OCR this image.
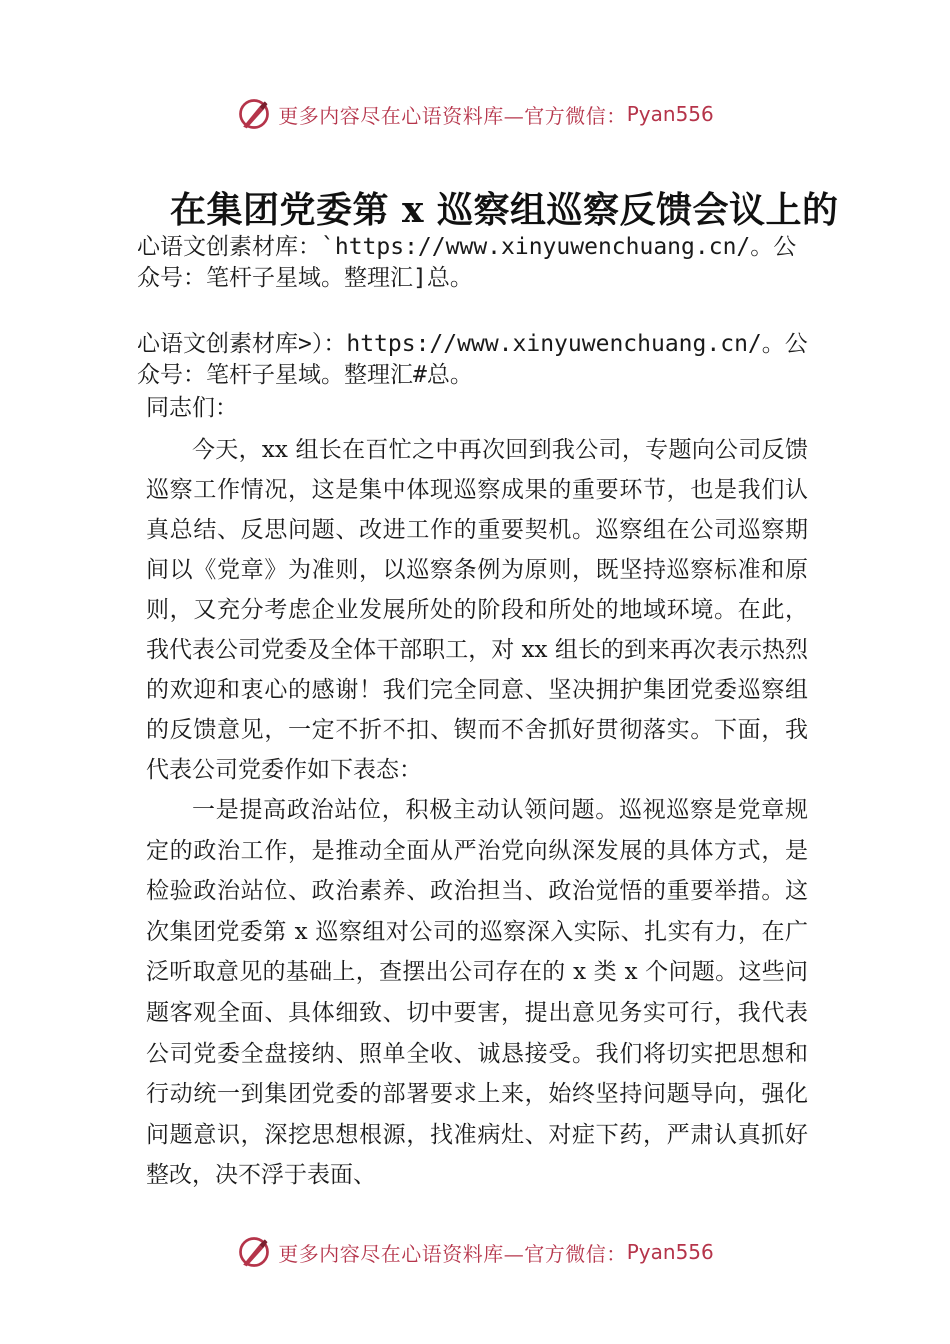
更多内容尽在心语资料库—官方微信： Pyan556
在集团党委第 x 巡察组巡察反馈会议上的
心语文创素材库：`https://www.xinyuwenchuang.cn/。公众号：笔杆子星域。整理汇]总。
心语文创素材库>）：https://www.xinyuwenchuang.cn/。公众号：笔杆子星域。整理汇#总。
同志们：
今天，xx 组长在百忙之中再次回到我公司，专题向公司反馈巡察工作情况，这是集中体现巡察成果的重要环节，也是我们认真总结、反思问题、改进工作的重要契机。巡察组在公司巡察期间以《党章》为准则，以巡察条例为原则，既坚持巡察标准和原则，又充分考虑企业发展所处的阶段和所处的地域环境。在此，我代表公司党委及全体干部职工，对 xx 组长的到来再次表示热烈的欢迎和衷心的感谢！我们完全同意、坚决拥护集团党委巡察组的反馈意见，一定不折不扣、锲而不舍抓好贯彻落实。下面，我代表公司党委作如下表态：
一是提高政治站位，积极主动认领问题。巡视巡察是党章规定的政治工作，是推动全面从严治党向纵深发展的具体方式，是检验政治站位、政治素养、政治担当、政治觉悟的重要举措。这次集团党委第 x 巡察组对公司的巡察深入实际、扎实有力，在广泛听取意见的基础上，查摆出公司存在的 x 类 x 个问题。这些问题客观全面、具体细致、切中要害，提出意见务实可行，我代表公司党委全盘接纳、照单全收、诚恳接受。我们将切实把思想和行动统一到集团党委的部署要求上来，始终坚持问题导向，强化问题意识，深挖思想根源，找准病灶、对症下药，严肃认真抓好整改，决不浮于表面、
更多内容尽在心语资料库—官方微信： Pyan556
